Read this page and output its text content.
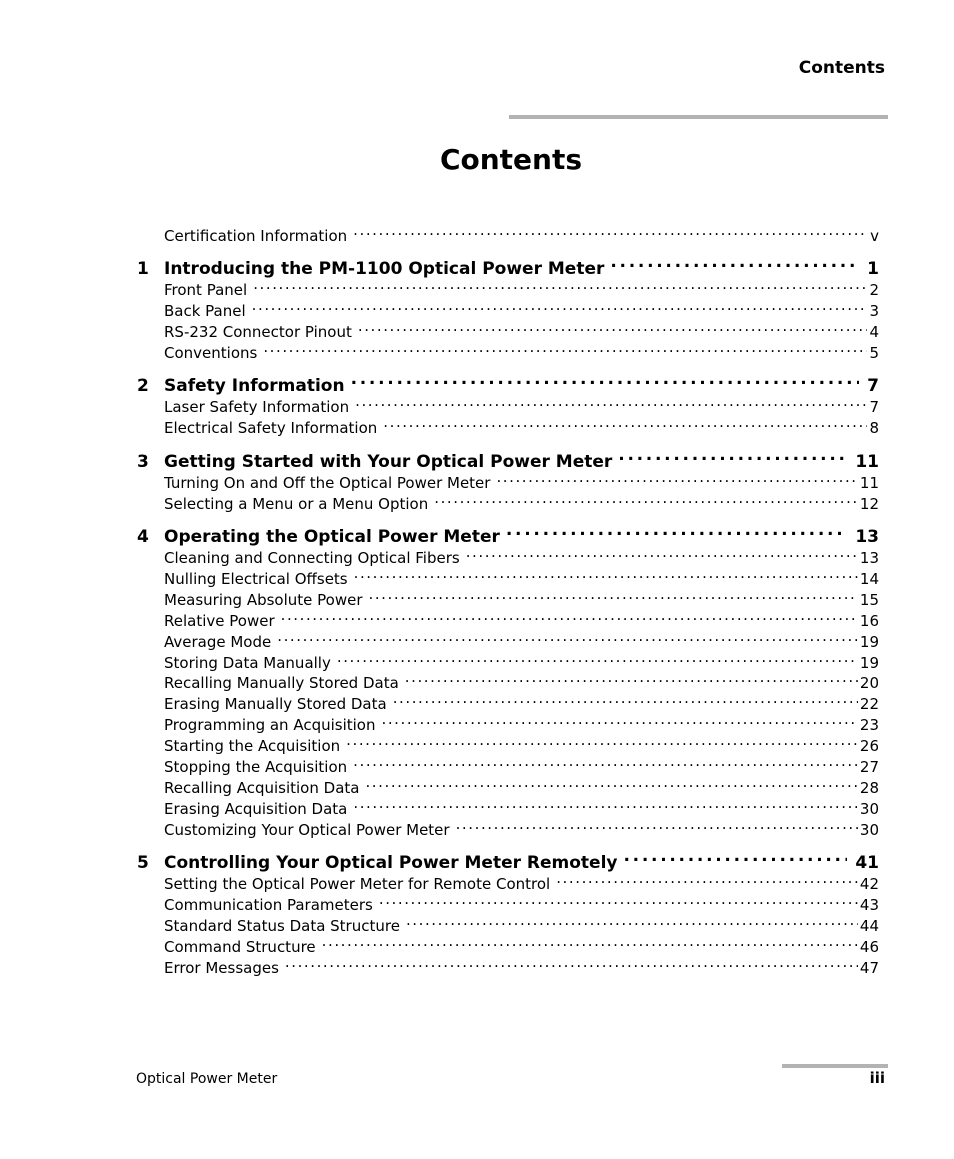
Contents
Contents
Certification Information . . .	v
1 Introducing the PM-1100 Optical Power Meter . . .	1
Front Panel . . .	2
Back Panel . . .	3
RS-232 Connector Pinout . . .	4
Conventions . . .	5
2 Safety Information . . .	7
Laser Safety Information . . .	7
Electrical Safety Information . . .	8
3 Getting Started with Your Optical Power Meter . . .	11
Turning On and Off the Optical Power Meter . . .	11
Selecting a Menu or a Menu Option . . .	12
4 Operating the Optical Power Meter . . .	13
Cleaning and Connecting Optical Fibers . . .	13
Nulling Electrical Offsets . . .	14
Measuring Absolute Power . . .	15
Relative Power . . .	16
Average Mode . . .	19
Storing Data Manually . . .	19
Recalling Manually Stored Data . . .	20
Erasing Manually Stored Data . . .	22
Programming an Acquisition . . .	23
Starting the Acquisition . . .	26
Stopping the Acquisition . . .	27
Recalling Acquisition Data . . .	28
Erasing Acquisition Data . . .	30
Customizing Your Optical Power Meter . . .	30
5 Controlling Your Optical Power Meter Remotely . . .	41
Setting the Optical Power Meter for Remote Control . . .	42
Communication Parameters . . .	43
Standard Status Data Structure . . .	44
Command Structure . . .	46
Error Messages . . .	47
Optical Power Meter	iii
